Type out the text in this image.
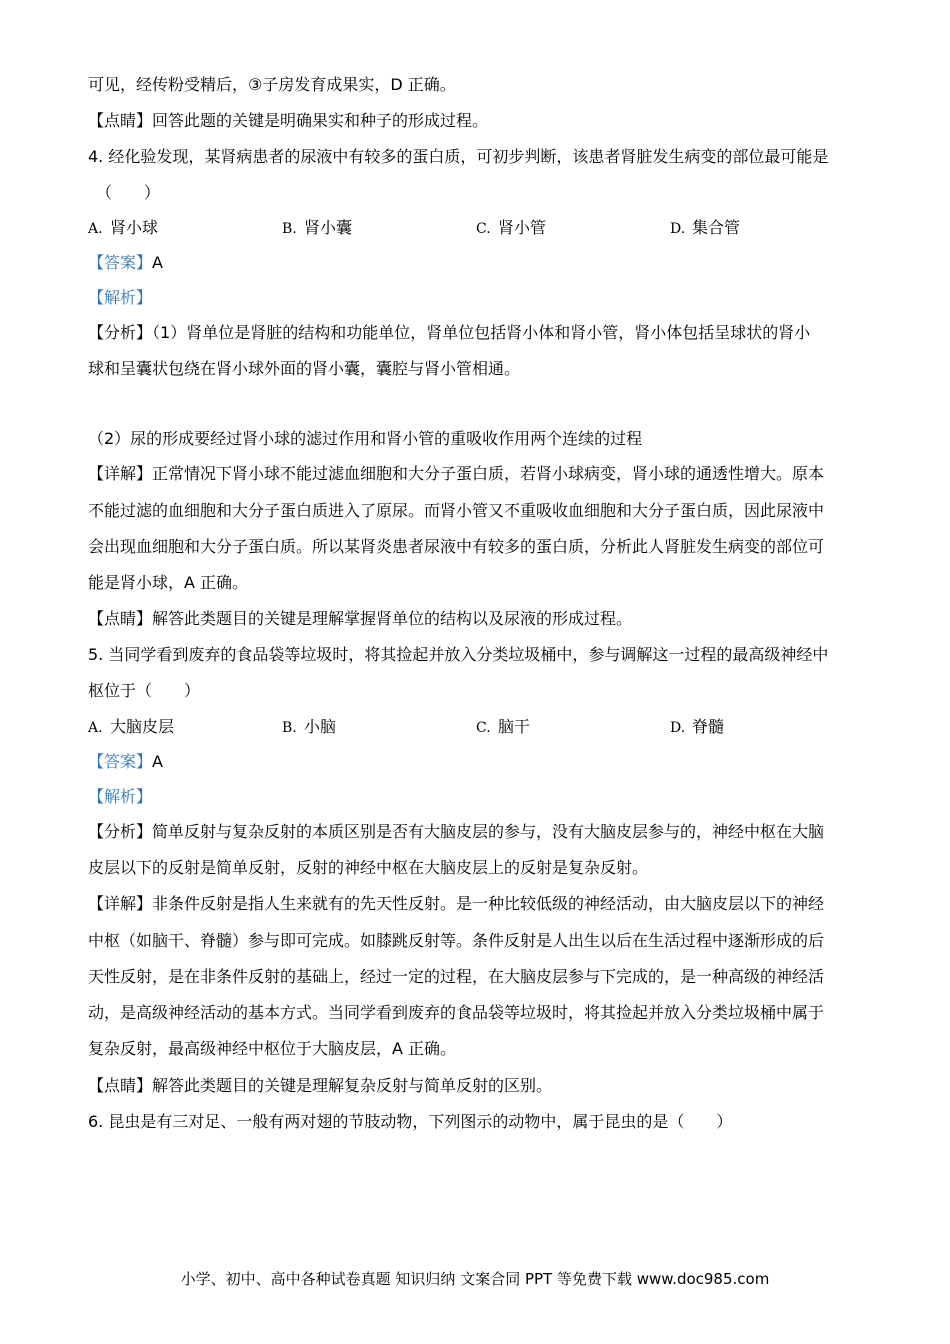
可见，经传粉受精后，③子房发育成果实，D 正确。
【点睛】回答此题的关键是明确果实和种子的形成过程。
4. 经化验发现，某肾病患者的尿液中有较多的蛋白质，可初步判断，该患者肾脏发生病变的部位最可能是
（　　）
A. 肾小球	B. 肾小囊	C. 肾小管	D. 集合管
【答案】A
【解析】
【分析】（1）肾单位是肾脏的结构和功能单位，肾单位包括肾小体和肾小管，肾小体包括呈球状的肾小
球和呈囊状包绕在肾小球外面的肾小囊，囊腔与肾小管相通。
（2）尿的形成要经过肾小球的滤过作用和肾小管的重吸收作用两个连续的过程
【详解】正常情况下肾小球不能过滤血细胞和大分子蛋白质，若肾小球病变，肾小球的通透性增大。原本
不能过滤的血细胞和大分子蛋白质进入了原尿。而肾小管又不重吸收血细胞和大分子蛋白质，因此尿液中
会出现血细胞和大分子蛋白质。所以某肾炎患者尿液中有较多的蛋白质，分析此人肾脏发生病变的部位可
能是肾小球，A 正确。
【点睛】解答此类题目的关键是理解掌握肾单位的结构以及尿液的形成过程。
5. 当同学看到废弃的食品袋等垃圾时，将其捡起并放入分类垃圾桶中，参与调解这一过程的最高级神经中
枢位于（　　）
A. 大脑皮层	B. 小脑	C. 脑干	D. 脊髓
【答案】A
【解析】
【分析】简单反射与复杂反射的本质区别是否有大脑皮层的参与，没有大脑皮层参与的，神经中枢在大脑
皮层以下的反射是简单反射，反射的神经中枢在大脑皮层上的反射是复杂反射。
【详解】非条件反射是指人生来就有的先天性反射。是一种比较低级的神经活动，由大脑皮层以下的神经
中枢（如脑干、脊髓）参与即可完成。如膝跳反射等。条件反射是人出生以后在生活过程中逐渐形成的后
天性反射，是在非条件反射的基础上，经过一定的过程，在大脑皮层参与下完成的，是一种高级的神经活
动，是高级神经活动的基本方式。当同学看到废弃的食品袋等垃圾时，将其捡起并放入分类垃圾桶中属于
复杂反射，最高级神经中枢位于大脑皮层，A 正确。
【点睛】解答此类题目的关键是理解复杂反射与简单反射的区别。
6. 昆虫是有三对足、一般有两对翅的节肢动物，下列图示的动物中，属于昆虫的是（　　）
小学、初中、高中各种试卷真题 知识归纳 文案合同 PPT 等免费下载 www.doc985.com
